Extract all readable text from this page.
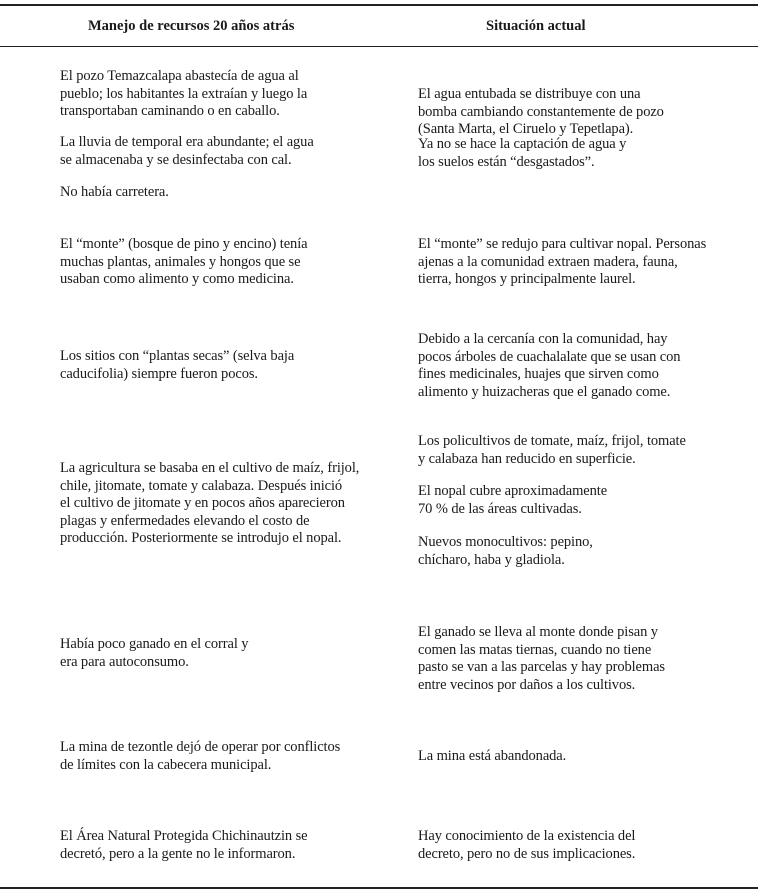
Manejo de recursos 20 años atrás	Situación actual
El pozo Temazcalapa abastecía de agua al
pueblo; los habitantes la extraían y luego la
transportaban caminando o en caballo.
La lluvia de temporal era abundante; el agua
se almacenaba y se desinfectaba con cal.
No había carretera.
El agua entubada se distribuye con una
bomba cambiando constantemente de pozo
(Santa Marta, el Ciruelo y Tepetlapa).
Ya no se hace la captación de agua y
los suelos están “desgastados”.
El “monte” (bosque de pino y encino) tenía
muchas plantas, animales y hongos que se
usaban como alimento y como medicina.
El “monte” se redujo para cultivar nopal. Personas
ajenas a la comunidad extraen madera, fauna,
tierra, hongos y principalmente laurel.
Los sitios con “plantas secas” (selva baja
caducifolia) siempre fueron pocos.
Debido a la cercanía con la comunidad, hay
pocos árboles de cuachalalate que se usan con
fines medicinales, huajes que sirven como
alimento y huizacheras que el ganado come.
La agricultura se basaba en el cultivo de maíz, frijol,
chile, jitomate, tomate y calabaza. Después inició
el cultivo de jitomate y en pocos años aparecieron
plagas y enfermedades elevando el costo de
producción. Posteriormente se introdujo el nopal.
Los policultivos de tomate, maíz, frijol, tomate
y calabaza han reducido en superficie.
El nopal cubre aproximadamente
70 % de las áreas cultivadas.
Nuevos monocultivos: pepino,
chícharo, haba y gladiola.
Había poco ganado en el corral y
era para autoconsumo.
El ganado se lleva al monte donde pisan y
comen las matas tiernas, cuando no tiene
pasto se van a las parcelas y hay problemas
entre vecinos por daños a los cultivos.
La mina de tezontle dejó de operar por conflictos
de límites con la cabecera municipal.
La mina está abandonada.
El Área Natural Protegida Chichinautzin se
decretó, pero a la gente no le informaron.
Hay conocimiento de la existencia del
decreto, pero no de sus implicaciones.
